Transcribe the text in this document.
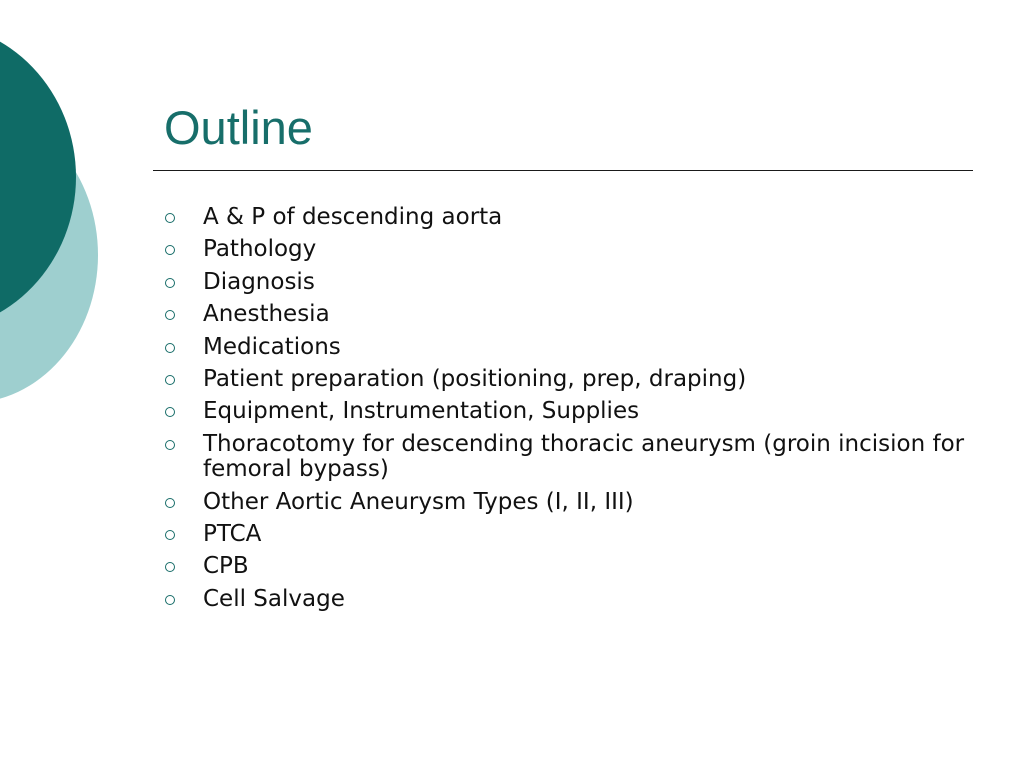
Outline
A & P of descending aorta
Pathology
Diagnosis
Anesthesia
Medications
Patient preparation (positioning, prep, draping)
Equipment, Instrumentation, Supplies
Thoracotomy for descending thoracic aneurysm (groin incision for femoral bypass)
Other Aortic Aneurysm Types (I, II, III)
PTCA
CPB
Cell Salvage
